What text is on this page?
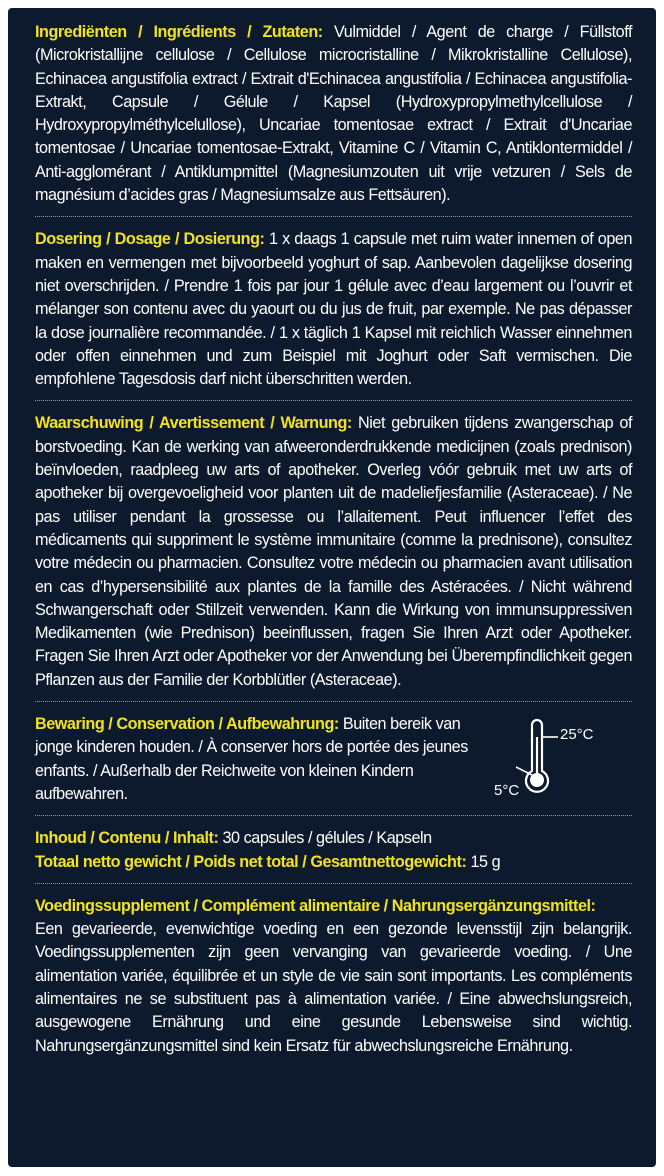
Ingrediënten / Ingrédients / Zutaten: Vulmiddel / Agent de charge / Füllstoff (Microkristallijne cellulose / Cellulose microcristalline / Mikrokristalline Cellulose), Echinacea angustifolia extract / Extrait d'Echinacea angustifolia / Echinacea angustifolia-Extrakt, Capsule / Gélule / Kapsel (Hydroxypropylmethylcellulose / Hydroxypropylméthylcelullose), Uncariae tomentosae extract / Extrait d'Uncariae tomentosae / Uncariae tomentosae-Extrakt, Vitamine C / Vitamin C, Antiklontermiddel / Anti-agglomérant / Antiklumpmittel (Magnesiumzouten uit vrije vetzuren / Sels de magnésium d’acides gras / Magnesiumsalze aus Fettsäuren).

Dosering / Dosage / Dosierung: 1 x daags 1 capsule met ruim water innemen of open maken en vermengen met bijvoorbeeld yoghurt of sap. Aanbevolen dagelijkse dosering niet overschrijden. / Prendre 1 fois par jour 1 gélule avec d’eau largement ou l’ouvrir et mélanger son contenu avec du yaourt ou du jus de fruit, par exemple. Ne pas dépasser la dose journalière recommandée. / 1 x täglich 1 Kapsel mit reichlich Wasser einnehmen oder offen einnehmen und zum Beispiel mit Joghurt oder Saft vermischen. Die empfohlene Tagesdosis darf nicht überschritten werden.

Waarschuwing / Avertissement / Warnung: Niet gebruiken tijdens zwangerschap of borstvoeding. Kan de werking van afweeronderdrukkende medicijnen (zoals prednison) beïnvloeden, raadpleeg uw arts of apotheker. Overleg vóór gebruik met uw arts of apotheker bij overgevoeligheid voor planten uit de madeliefjesfamilie (Asteraceae). / Ne pas utiliser pendant la grossesse ou l’allaitement. Peut influencer l’effet des médicaments qui suppriment le système immunitaire (comme la prednisone), consultez votre médecin ou pharmacien. Consultez votre médecin ou pharmacien avant utilisation en cas d’hypersensibilité aux plantes de la famille des Astéracées. / Nicht während Schwangerschaft oder Stillzeit verwenden. Kann die Wirkung von immunsuppressiven Medikamenten (wie Prednison) beeinflussen, fragen Sie Ihren Arzt oder Apotheker. Fragen Sie Ihren Arzt oder Apotheker vor der Anwendung bei Überempfindlichkeit gegen Pflanzen aus der Familie der Korbblütler (Asteraceae).

Bewaring / Conservation / Aufbewahrung: Buiten bereik van jonge kinderen houden. / À conserver hors de portée des jeunes enfants. / Außerhalb der Reichweite von kleinen Kindern aufbewahren.

25°C
5°C

Inhoud / Contenu / Inhalt: 30 capsules / gélules / Kapseln

Totaal netto gewicht / Poids net total / Gesamtnettogewicht: 15 g

Voedingssupplement / Complément alimentaire / Nahrungsergänzungsmittel:

Een gevarieerde, evenwichtige voeding en een gezonde levensstijl zijn belangrijk. Voedingssupplementen zijn geen vervanging van gevarieerde voeding. / Une alimentation variée, équilibrée et un style de vie sain sont importants. Les compléments alimentaires ne se substituent pas à alimentation variée. / Eine abwechslungsreich, ausgewogene Ernährung und eine gesunde Lebensweise sind wichtig. Nahrungsergänzungsmittel sind kein Ersatz für abwechslungsreiche Ernährung.
